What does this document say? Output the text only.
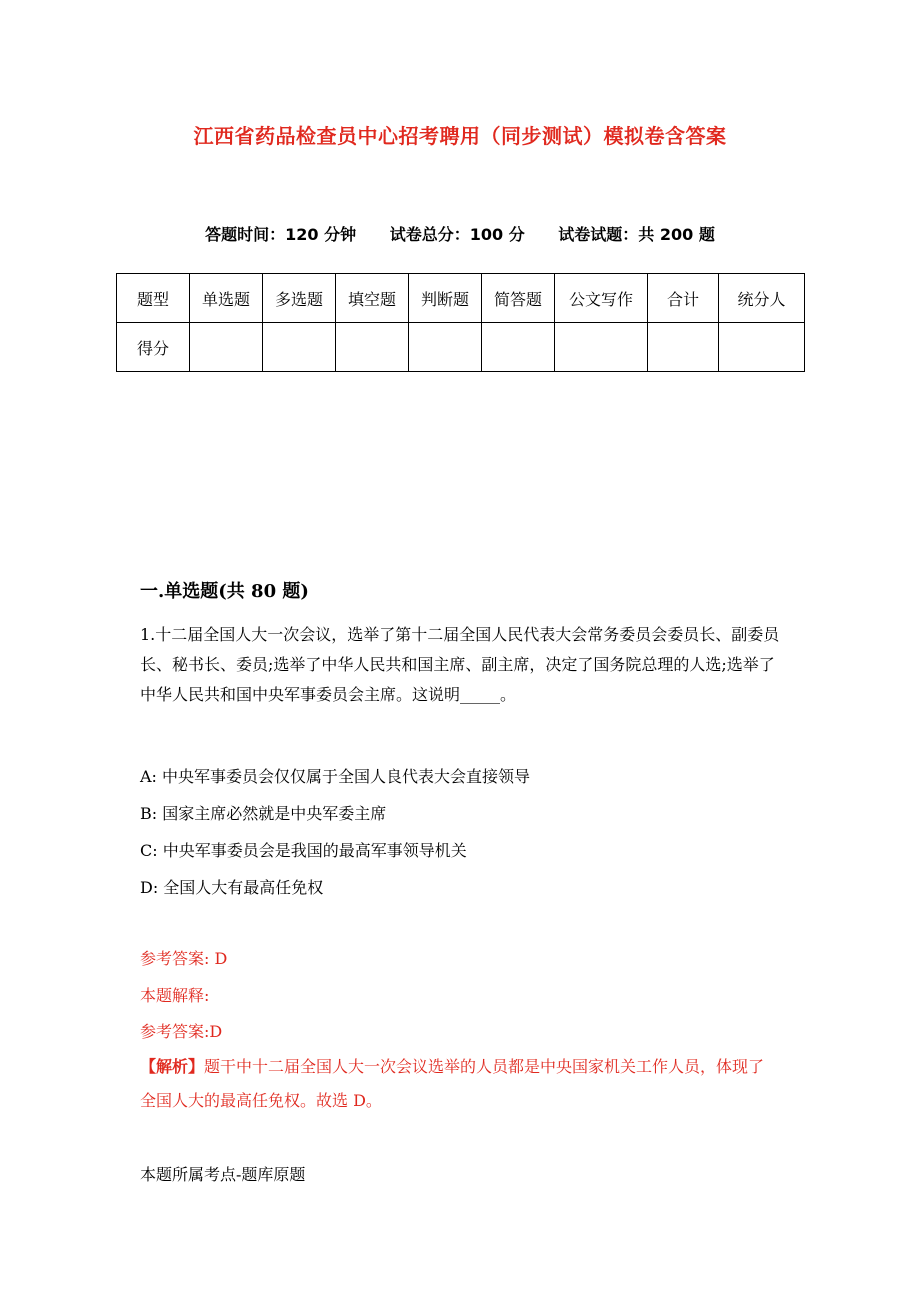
江西省药品检查员中心招考聘用（同步测试）模拟卷含答案
答题时间：120 分钟 试卷总分：100 分 试卷试题：共 200 题
题型	单选题	多选题	填空题	判断题	简答题	公文写作	合计	统分人
得分								
一.单选题(共 80 题)
1.十二届全国人大一次会议，选举了第十二届全国人民代表大会常务委员会委员长、副委员长、秘书长、委员;选举了中华人民共和国主席、副主席，决定了国务院总理的人选;选举了中华人民共和国中央军事委员会主席。这说明_____。
A: 中央军事委员会仅仅属于全国人良代表大会直接领导
B: 国家主席必然就是中央军委主席
C: 中央军事委员会是我国的最高军事领导机关
D: 全国人大有最高任免权
参考答案: D
本题解释:
参考答案:D
【解析】题干中十二届全国人大一次会议选举的人员都是中央国家机关工作人员，体现了全国人大的最高任免权。故选 D。
本题所属考点-题库原题
